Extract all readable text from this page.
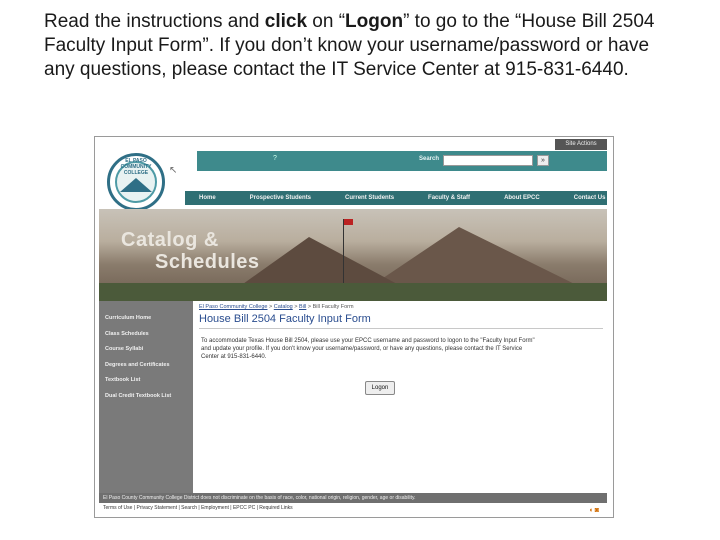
Read the instructions and click on “Logon” to go to the “House Bill 2504 Faculty Input Form”. If you don’t know your username/password or have any questions, please contact the IT Service Center at 915-831-6440.
Site Actions
?	Search	»
EL PASO COMMUNITY COLLEGE	↖
Home	Prospective Students	Current Students	Faculty & Staff	About EPCC	Contact Us
Catalog &
Schedules
Curriculum Home
Class Schedules
Course Syllabi
Degrees and Certificates
Textbook List
Dual Credit Textbook List
El Paso Community College > Catalog > Bill > Bill Faculty Form
House Bill 2504 Faculty Input Form
To accommodate Texas House Bill 2504, please use your EPCC username and password to logon to the "Faculty Input Form" and update your profile. If you don't know your username/password, or have any questions, please contact the IT Service Center at 915-831-6440.
Logon
El Paso County Community College District does not discriminate on the basis of race, color, national origin, religion, gender, age or disability.
Terms of Use | Privacy Statement | Search | Employment | EPCC PC | Required Links	◖ ◙
